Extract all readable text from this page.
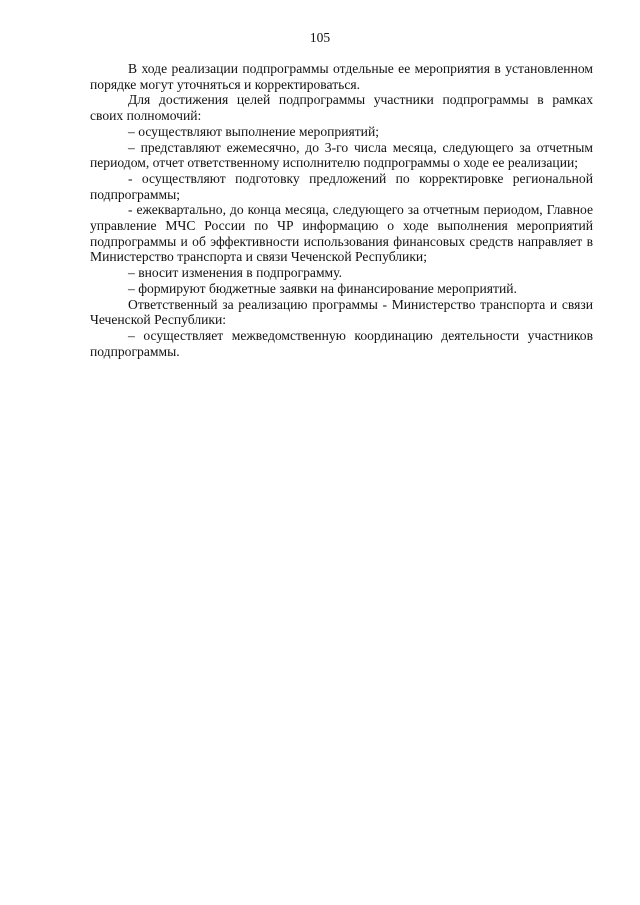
105

В ходе реализации подпрограммы отдельные ее мероприятия в установленном порядке могут уточняться и корректироваться.

Для достижения целей подпрограммы участники подпрограммы в рамках своих полномочий:

– осуществляют выполнение мероприятий;

– представляют ежемесячно, до 3-го числа месяца, следующего за отчетным периодом, отчет ответственному исполнителю подпрограммы о ходе ее реализации;

- осуществляют подготовку предложений по корректировке региональной подпрограммы;

- ежеквартально, до конца месяца, следующего за отчетным периодом, Главное управление МЧС России по ЧР информацию о ходе выполнения мероприятий подпрограммы и об эффективности использования финансовых средств направляет в Министерство транспорта и связи Чеченской Республики;

– вносит изменения в подпрограмму.

– формируют бюджетные заявки на финансирование мероприятий.

Ответственный за реализацию программы - Министерство транспорта и связи Чеченской Республики:

– осуществляет межведомственную координацию деятельности участников подпрограммы.
